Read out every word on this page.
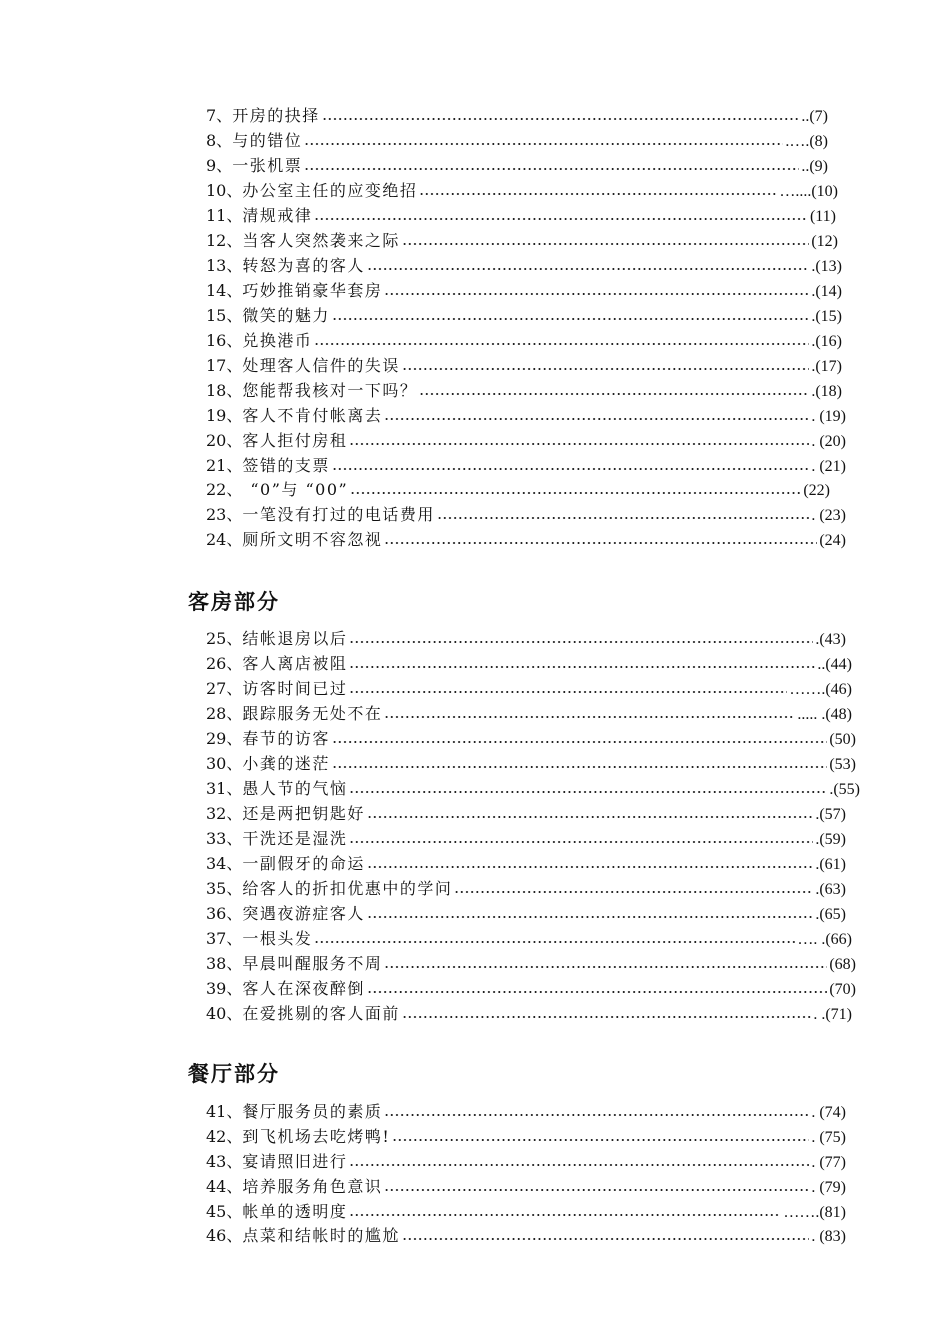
7、 开房的抉择	..(7)
8、 与的错位	.….(8)
9、 一张机票	..(9)
10、 办公室主任的应变绝招	…....(10)
11、 清规戒律	(11)
12、 当客人突然袭来之际	(12)
13、 转怒为喜的客人	.(13)
14、 巧妙推销豪华套房	.(14)
15、 微笑的魅力	.(15)
16、 兑换港币	.(16)
17、 处理客人信件的失误	.(17)
18、 您能帮我核对一下吗？	.(18)
19、 客人不肯付帐离去	. (19)
20、 客人拒付房租	. (20)
21、 签错的支票	. (21)
22、 “0”与 “00”	(22)
23、 一笔没有打过的电话费用	. (23)
24、 厕所文明不容忽视	(24)
客房部分
25、 结帐退房以后	.(43)
26、 客人离店被阻	..(44)
27、 访客时间已过	…….(46)
28、 跟踪服务无处不在	..... .(48)
29、 春节的访客	(50)
30、 小龚的迷茫	(53)
31、 愚人节的气恼	.(55)
32、 还是两把钥匙好	.(57)
33、 干洗还是湿洗	.(59)
34、 一副假牙的命运	.(61)
35、 给客人的折扣优惠中的学问	.(63)
36、 突遇夜游症客人	.(65)
37、 一根头发	…. .(66)
38、 早晨叫醒服务不周	(68)
39、 客人在深夜醉倒	(70)
40、 在爱挑剔的客人面前	. .(71)
餐厅部分
41、 餐厅服务员的素质	. (74)
42、 到飞机场去吃烤鸭!	. (75)
43、 宴请照旧进行	. (77)
44、 培养服务角色意识	. (79)
45、 帐单的透明度	…….(81)
46、 点菜和结帐时的尴尬	. (83)
